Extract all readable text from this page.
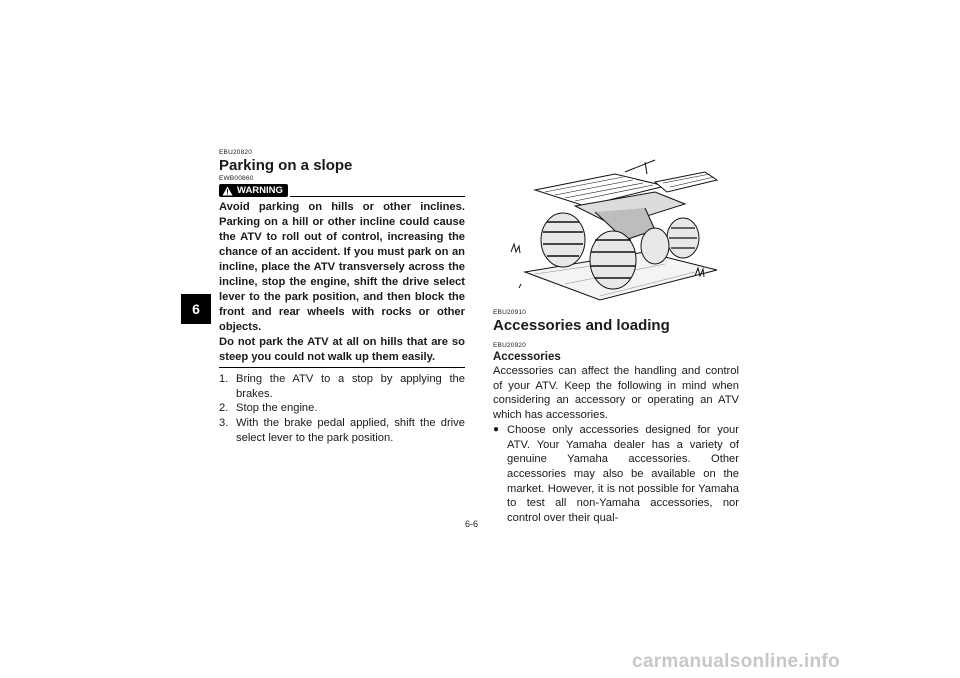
6
EBU20820
Parking on a slope
EWB00860
WARNING

Avoid parking on hills or other inclines. Parking on a hill or other incline could cause the ATV to roll out of control, increasing the chance of an accident. If you must park on an incline, place the ATV transversely across the incline, stop the engine, shift the drive select lever to the park position, and then block the front and rear wheels with rocks or other objects.

Do not park the ATV at all on hills that are so steep you could not walk up them easily.

1. Bring the ATV to a stop by applying the brakes.
2. Stop the engine.
3. With the brake pedal applied, shift the drive select lever to the park position.
EBU20910
Accessories and loading
EBU20920
Accessories
Accessories can affect the handling and control of your ATV. Keep the following in mind when considering an accessory or operating an ATV which has accessories.
● Choose only accessories designed for your ATV. Your Yamaha dealer has a variety of genuine Yamaha accessories. Other accessories may also be available on the market. However, it is not possible for Yamaha to test all non-Yamaha accessories, nor control over their qual-
6-6
carmanualsonline.info
